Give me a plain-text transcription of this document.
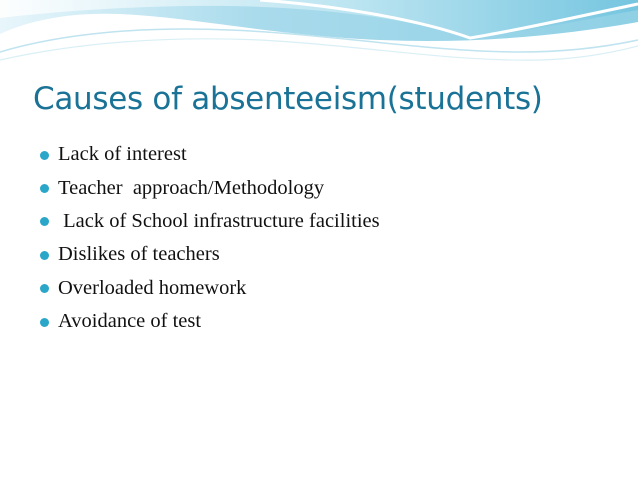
Causes of absenteeism(students)
Lack of interest
Teacher  approach/Methodology
Lack of School infrastructure facilities
Dislikes of teachers
Overloaded homework
Avoidance of test
